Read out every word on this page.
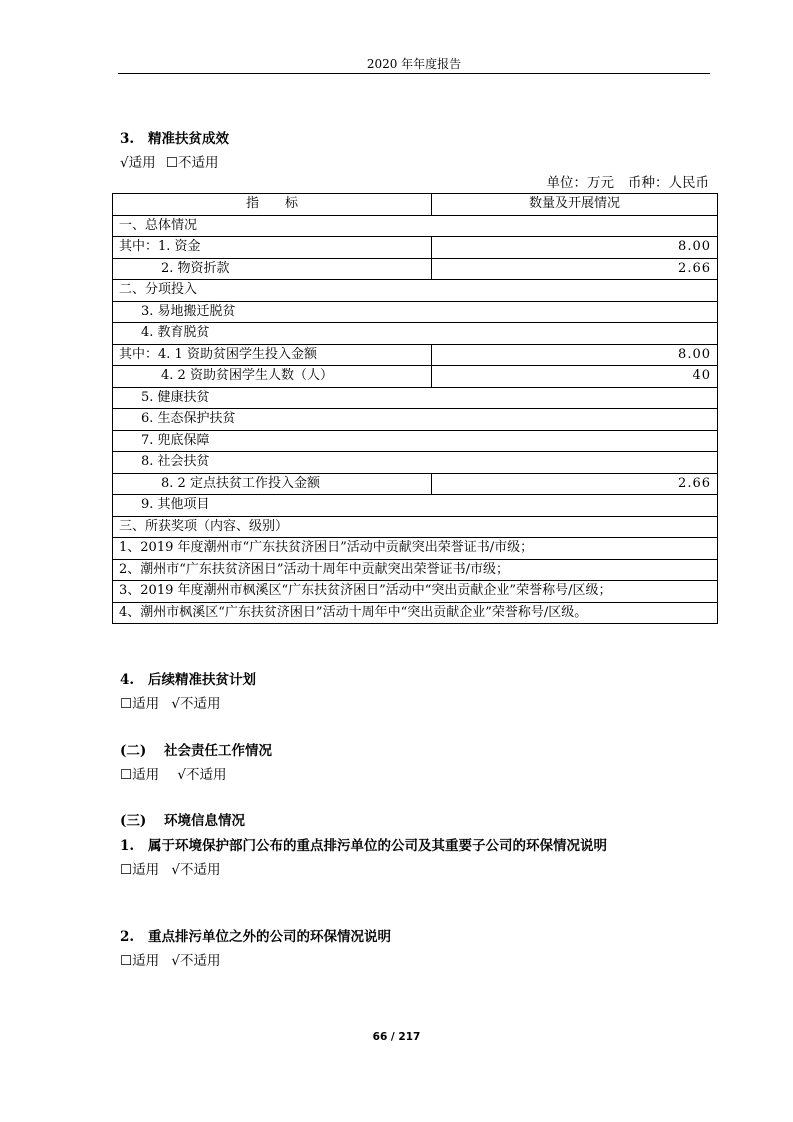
2020 年年度报告
3. 精准扶贫成效
√适用 ☐不适用
单位：万元 币种：人民币
指　　标	数量及开展情况
一、总体情况	
其中：1. 资金	8.00
2. 物资折款	2.66
二、分项投入	
3. 易地搬迁脱贫	
4. 教育脱贫	
其中：4. 1 资助贫困学生投入金额	8.00
4. 2 资助贫困学生人数（人）	40
5. 健康扶贫	
6. 生态保护扶贫	
7. 兜底保障	
8. 社会扶贫	
8. 2 定点扶贫工作投入金额	2.66
9. 其他项目	
三、所获奖项（内容、级别）	
1、2019 年度潮州市“广东扶贫济困日”活动中贡献突出荣誉证书/市级；	
2、潮州市“广东扶贫济困日”活动十周年中贡献突出荣誉证书/市级；	
3、2019 年度潮州市枫溪区“广东扶贫济困日”活动中“突出贡献企业”荣誉称号/区级；	
4、潮州市枫溪区“广东扶贫济困日”活动十周年中“突出贡献企业”荣誉称号/区级。	
4. 后续精准扶贫计划
☐适用 √不适用
(二) 社会责任工作情况
☐适用 √不适用
(三) 环境信息情况
1. 属于环境保护部门公布的重点排污单位的公司及其重要子公司的环保情况说明
☐适用 √不适用
2. 重点排污单位之外的公司的环保情况说明
☐适用 √不适用
66 / 217
